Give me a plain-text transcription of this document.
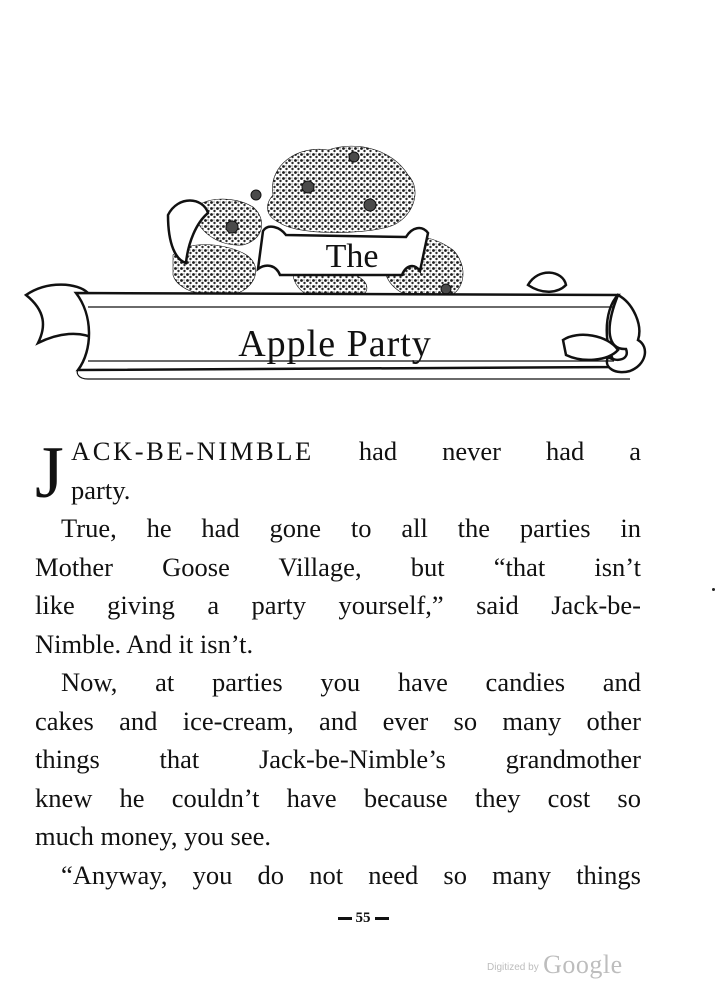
The
Apple Party
J ACK-BE-NIMBLE had never had a
party.
True, he had gone to all the parties in
Mother Goose Village, but “that isn’t
like giving a party yourself,” said Jack-be-
Nimble. And it isn’t.
Now, at parties you have candies and
cakes and ice-cream, and ever so many other
things that Jack-be-Nimble’s grandmother
knew he couldn’t have because they cost so
much money, you see.
“Anyway, you do not need so many things
55
Digitized by Google
